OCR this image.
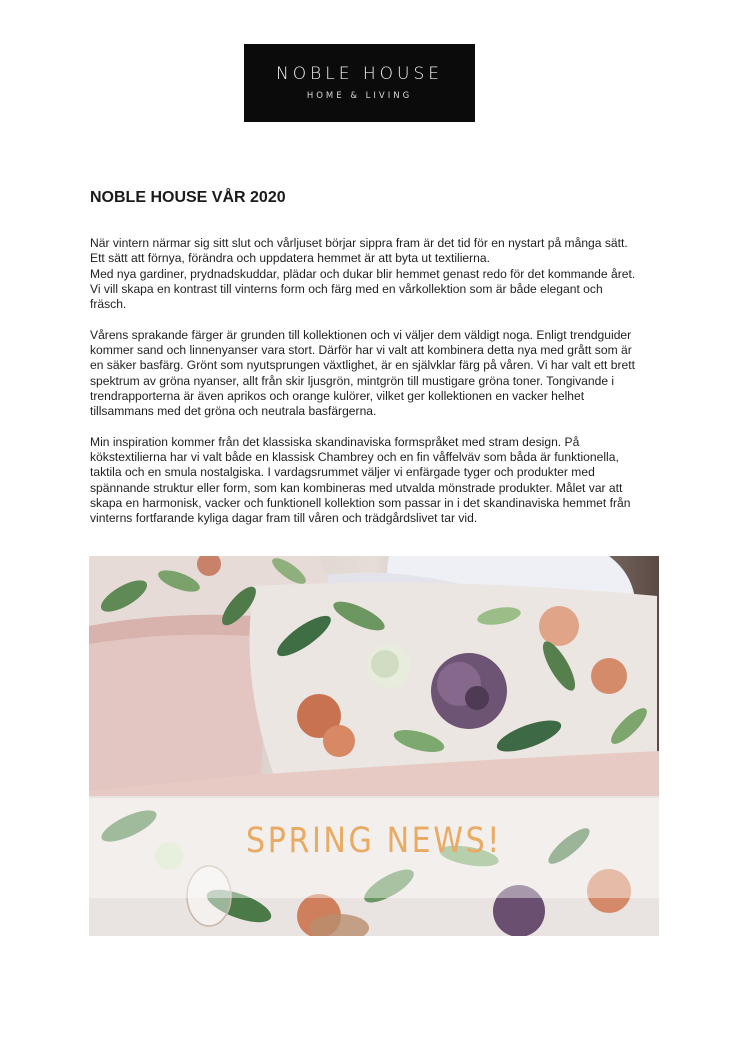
NOBLE HOUSE
HOME & LIVING
NOBLE HOUSE VÅR 2020

När vintern närmar sig sitt slut och vårljuset börjar sippra fram är det tid för en nystart på många sätt.
Ett sätt att förnya, förändra och uppdatera hemmet är att byta ut textilierna.
Med nya gardiner, prydnadskuddar, plädar och dukar blir hemmet genast redo för det kommande året.
Vi vill skapa en kontrast till vinterns form och färg med en vårkollektion som är både elegant och
fräsch.

Vårens sprakande färger är grunden till kollektionen och vi väljer dem väldigt noga. Enligt trendguider
kommer sand och linnenyanser vara stort. Därför har vi valt att kombinera detta nya med grått som är
en säker basfärg. Grönt som nyutsprungen växtlighet, är en självklar färg på våren. Vi har valt ett brett
spektrum av gröna nyanser, allt från skir ljusgrön, mintgrön till mustigare gröna toner. Tongivande i
trendrapporterna är även aprikos och orange kulörer, vilket ger kollektionen en vacker helhet
tillsammans med det gröna och neutrala basfärgerna.

Min inspiration kommer från det klassiska skandinaviska formspråket med stram design. På
kökstextilierna har vi valt både en klassisk Chambrey och en fin våffelväv som båda är funktionella,
taktila och en smula nostalgiska. I vardagsrummet väljer vi enfärgade tyger och produkter med
spännande struktur eller form, som kan kombineras med utvalda mönstrade produkter. Målet var att
skapa en harmonisk, vacker och funktionell kollektion som passar in i det skandinaviska hemmet från
vinterns fortfarande kyliga dagar fram till våren och trädgårdslivet tar vid.

SPRING NEWS!
